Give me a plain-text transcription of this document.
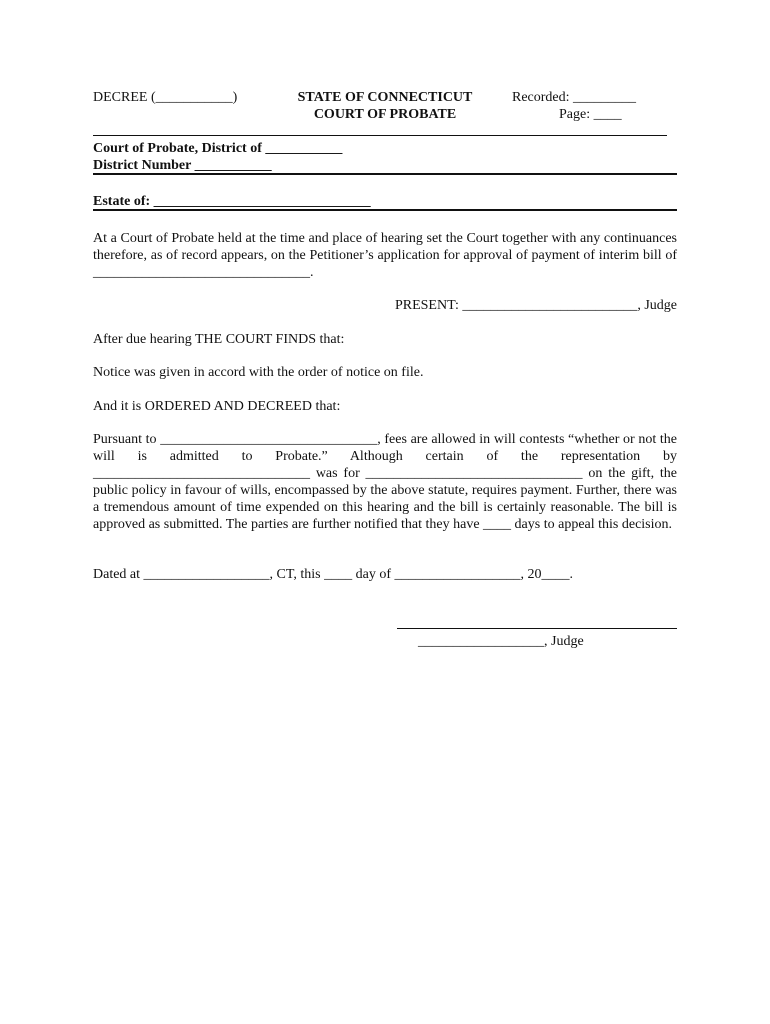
DECREE (___________)	STATE OF CONNECTICUT
COURT OF PROBATE
Recorded: _________
Page: ____
Court of Probate, District of ___________
District Number ___________
Estate of: _______________________________
At a Court of Probate held at the time and place of hearing set the Court together with any continuances therefore, as of record appears, on the Petitioner’s application for approval of payment of interim bill of _______________________________.
PRESENT: _________________________, Judge
After due hearing THE COURT FINDS that:
Notice was given in accord with the order of notice on file.
And it is ORDERED AND DECREED that:
Pursuant to _______________________________, fees are allowed in will contests “whether or not the will is admitted to Probate.” Although certain of the representation by _______________________________ was for _______________________________ on the gift, the public policy in favour of wills, encompassed by the above statute, requires payment. Further, there was a tremendous amount of time expended on this hearing and the bill is certainly reasonable. The bill is approved as submitted. The parties are further notified that they have ____ days to appeal this decision.
Dated at __________________, CT, this ____ day of __________________, 20____.
__________________, Judge
